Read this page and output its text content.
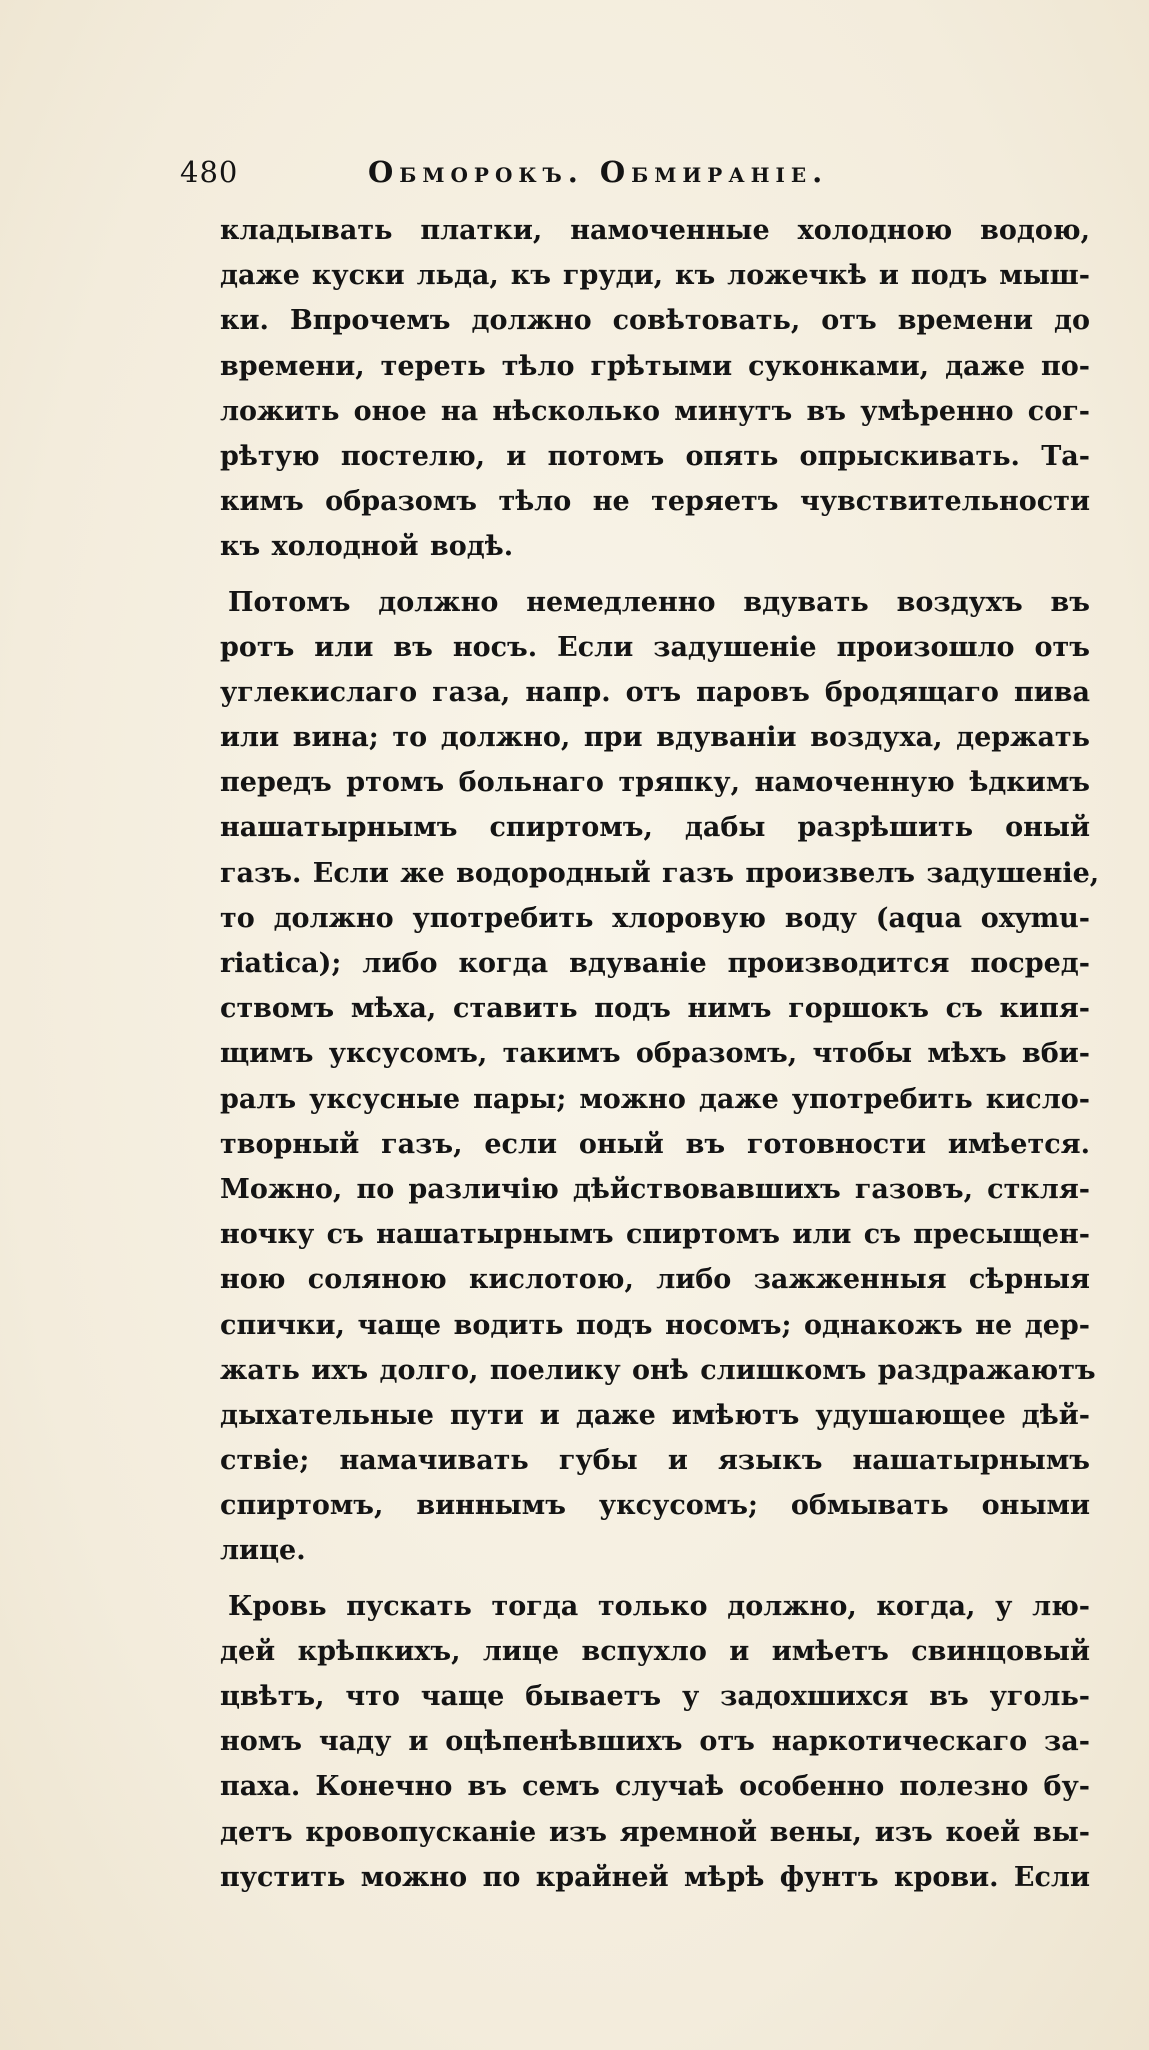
480	Обморокъ. Обмираніе.
кладывать платки, намоченные холодною водою,
даже куски льда, къ груди, къ ложечкѣ и подъ мыш-
ки. Впрочемъ должно совѣтовать, отъ времени до
времени, тереть тѣло грѣтыми суконками, даже по-
ложить оное на нѣсколько минутъ въ умѣренно сог-
рѣтую постелю, и потомъ опять опрыскивать. Та-
кимъ образомъ тѣло не теряетъ чувствительности
къ холодной водѣ.
Потомъ должно немедленно вдувать воздухъ въ
ротъ или въ носъ. Если задушеніе произошло отъ
углекислаго газа, напр. отъ паровъ бродящаго пива
или вина; то должно, при вдуваніи воздуха, держать
передъ ртомъ больнаго тряпку, намоченную ѣдкимъ
нашатырнымъ спиртомъ, дабы разрѣшить оный
газъ. Если же водородный газъ произвелъ задушеніе,
то должно употребить хлоровую воду (aqua oxymu-
riatica); либо когда вдуваніе производится посред-
ствомъ мѣха, ставить подъ нимъ горшокъ съ кипя-
щимъ уксусомъ, такимъ образомъ, чтобы мѣхъ вби-
ралъ уксусные пары; можно даже употребить кисло-
творный газъ, если оный въ готовности имѣется.
Можно, по различію дѣйствовавшихъ газовъ, сткля-
ночку съ нашатырнымъ спиртомъ или съ пресыщен-
ною соляною кислотою, либо зажженныя сѣрныя
спички, чаще водить подъ носомъ; однакожъ не дер-
жать ихъ долго, поелику онѣ слишкомъ раздражаютъ
дыхательные пути и даже имѣютъ удушающее дѣй-
ствіе; намачивать губы и языкъ нашатырнымъ
спиртомъ, виннымъ уксусомъ; обмывать оными
лице.
Кровь пускать тогда только должно, когда, у лю-
дей крѣпкихъ, лице вспухло и имѣетъ свинцовый
цвѣтъ, что чаще бываетъ у задохшихся въ уголь-
номъ чаду и оцѣпенѣвшихъ отъ наркотическаго за-
паха. Конечно въ семъ случаѣ особенно полезно бу-
детъ кровопусканіе изъ яремной вены, изъ коей вы-
пустить можно по крайней мѣрѣ фунтъ крови. Если
